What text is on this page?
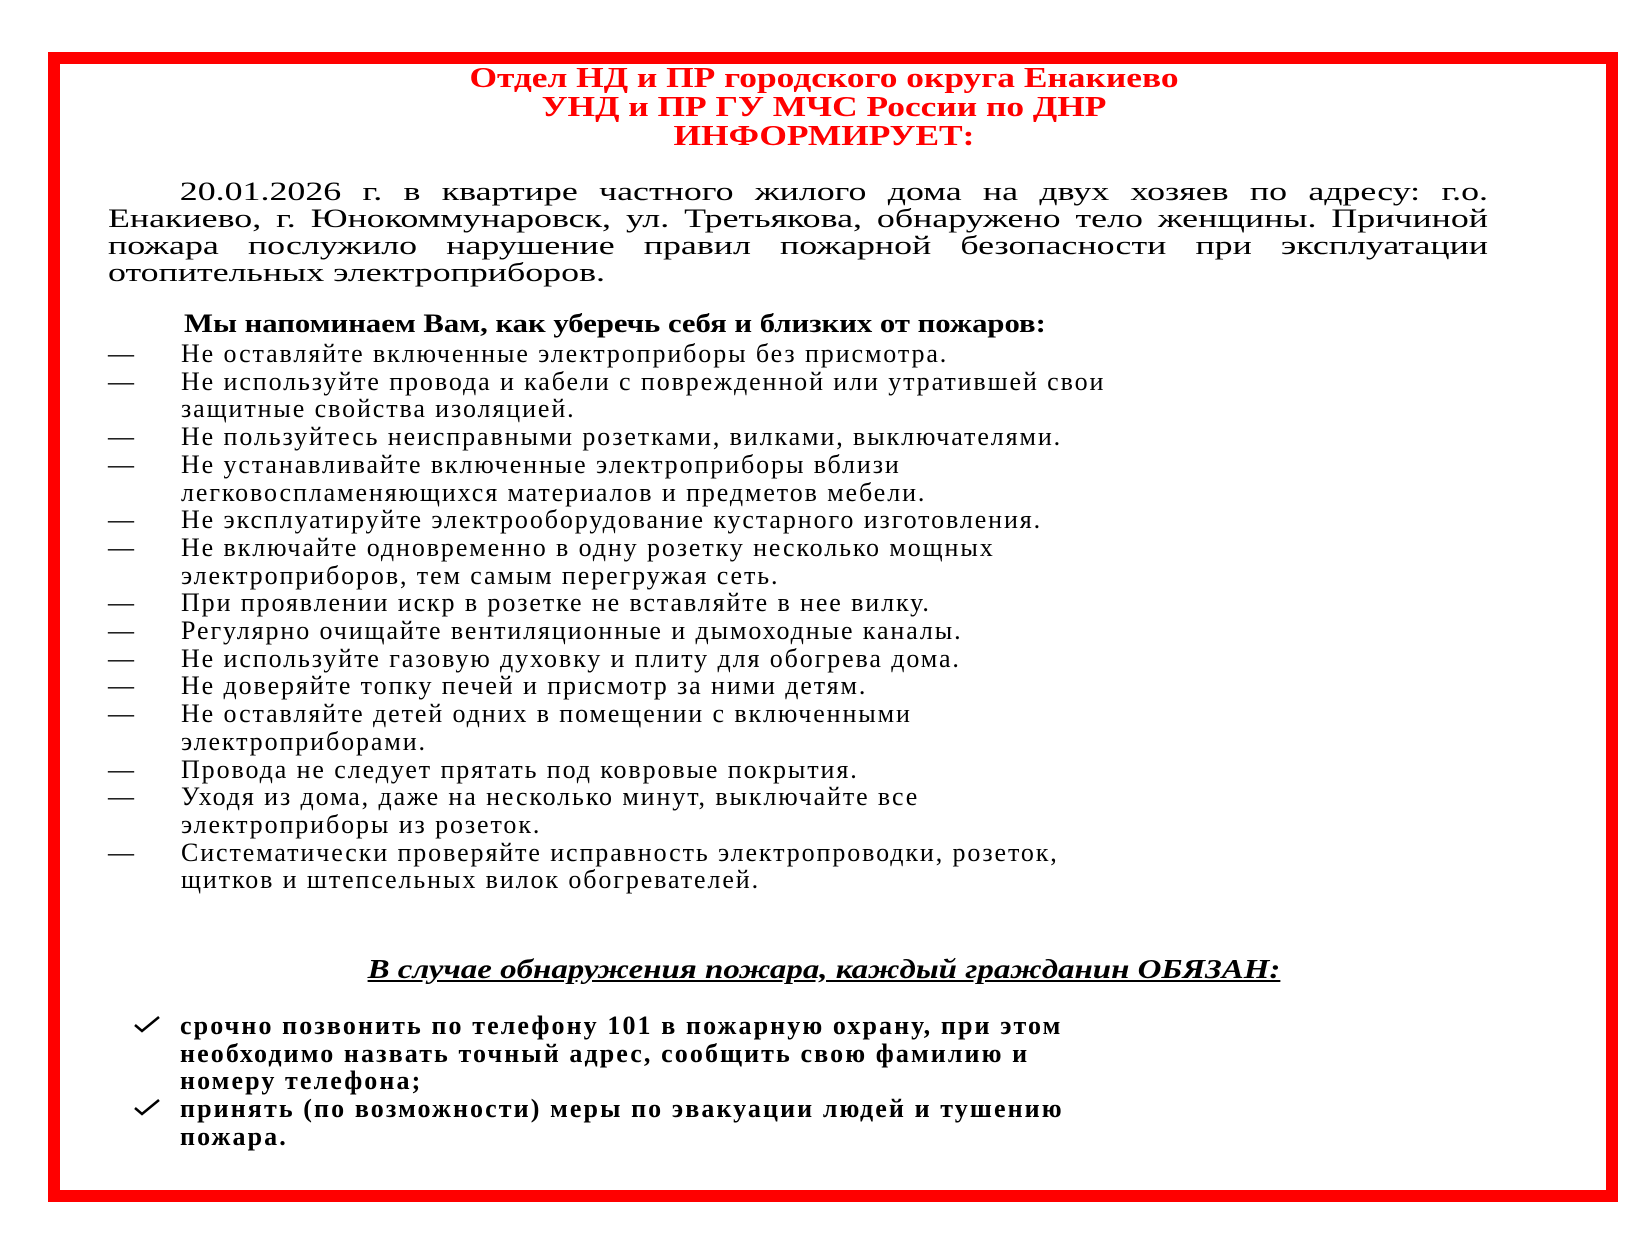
Отдел НД и ПР городского округа Енакиево
УНД и ПР ГУ МЧС России по ДНР
ИНФОРМИРУЕТ:

20.01.2026 г. в квартире частного жилого дома на двух хозяев по адресу: г.о. Енакиево, г. Юнокоммунаровск, ул. Третьякова, обнаружено тело женщины. Причиной пожара послужило нарушение правил пожарной безопасности при эксплуатации отопительных электроприборов.

Мы напоминаем Вам, как уберечь себя и близких от пожаров:
— Не оставляйте включенные электроприборы без присмотра.
— Не используйте провода и кабели с поврежденной или утратившей свои
защитные свойства изоляцией.
— Не пользуйтесь неисправными розетками, вилками, выключателями.
— Не устанавливайте включенные электроприборы вблизи
легковоспламеняющихся материалов и предметов мебели.
— Не эксплуатируйте электрооборудование кустарного изготовления.
— Не включайте одновременно в одну розетку несколько мощных
электроприборов, тем самым перегружая сеть.
— При проявлении искр в розетке не вставляйте в нее вилку.
— Регулярно очищайте вентиляционные и дымоходные каналы.
— Не используйте газовую духовку и плиту для обогрева дома.
— Не доверяйте топку печей и присмотр за ними детям.
— Не оставляйте детей одних в помещении с включенными
электроприборами.
— Провода не следует прятать под ковровые покрытия.
— Уходя из дома, даже на несколько минут, выключайте все
электроприборы из розеток.
— Систематически проверяйте исправность электропроводки, розеток,
щитков и штепсельных вилок обогревателей.
В случае обнаружения пожара, каждый гражданин ОБЯЗАН:
срочно позвонить по телефону 101 в пожарную охрану, при этом
необходимо назвать точный адрес, сообщить свою фамилию и
номеру телефона;
принять (по возможности) меры по эвакуации людей и тушению
пожара.
